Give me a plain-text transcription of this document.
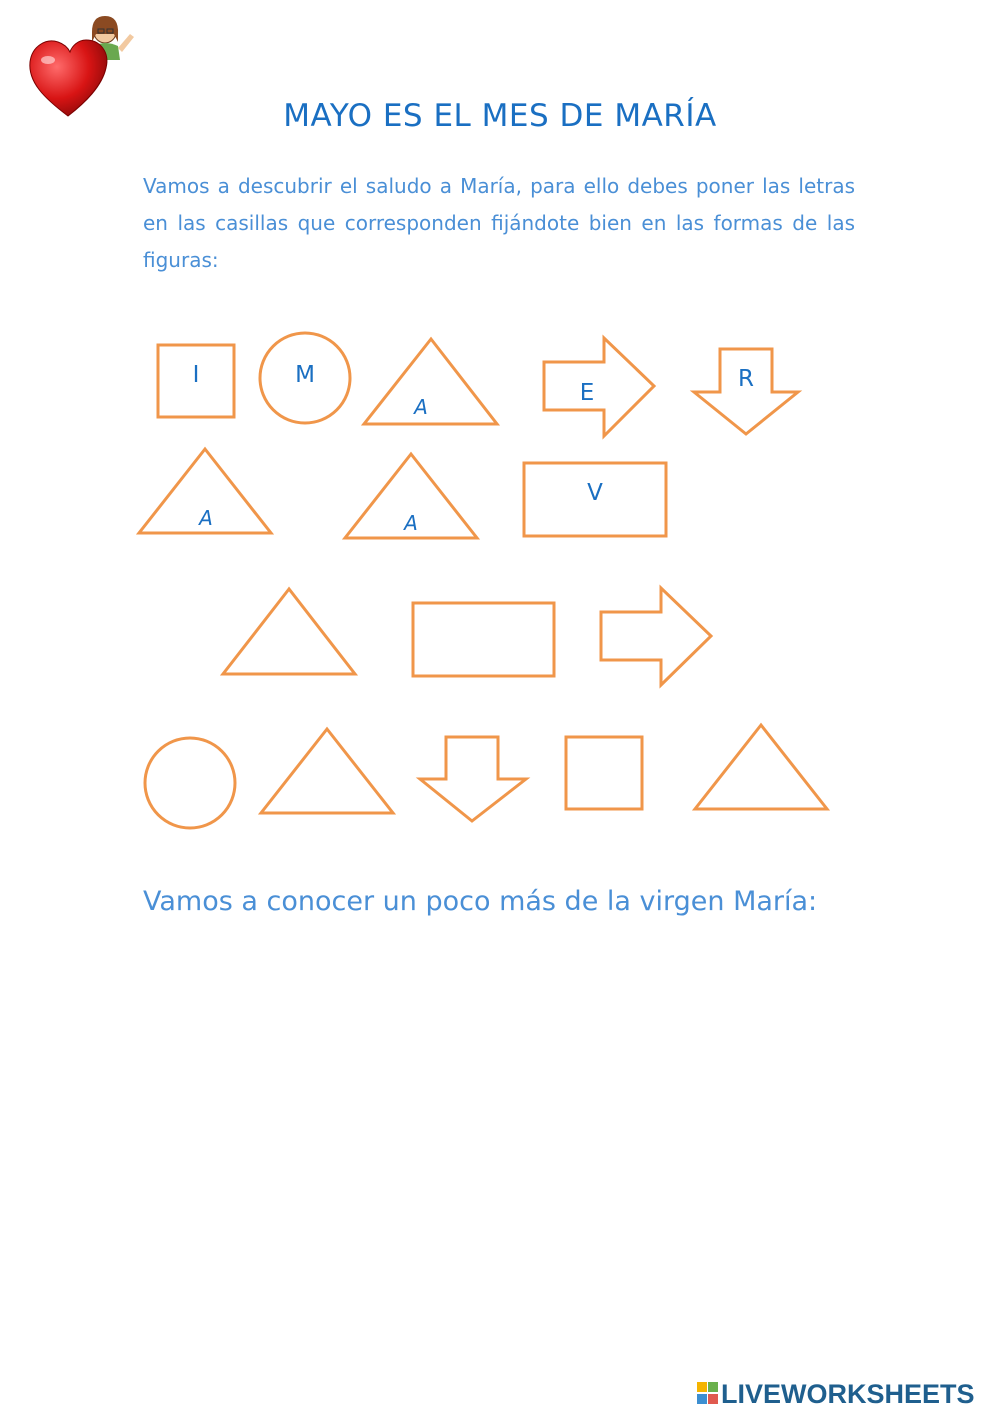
MAYO ES EL MES DE MARÍA
Vamos a descubrir el saludo a María, para ello debes poner las letras en las casillas que corresponden fijándote bien en las formas de las figuras:
I	M
A
E
R
A	A
V
Vamos a conocer un poco más de la virgen María:
LIVEWORKSHEETS
